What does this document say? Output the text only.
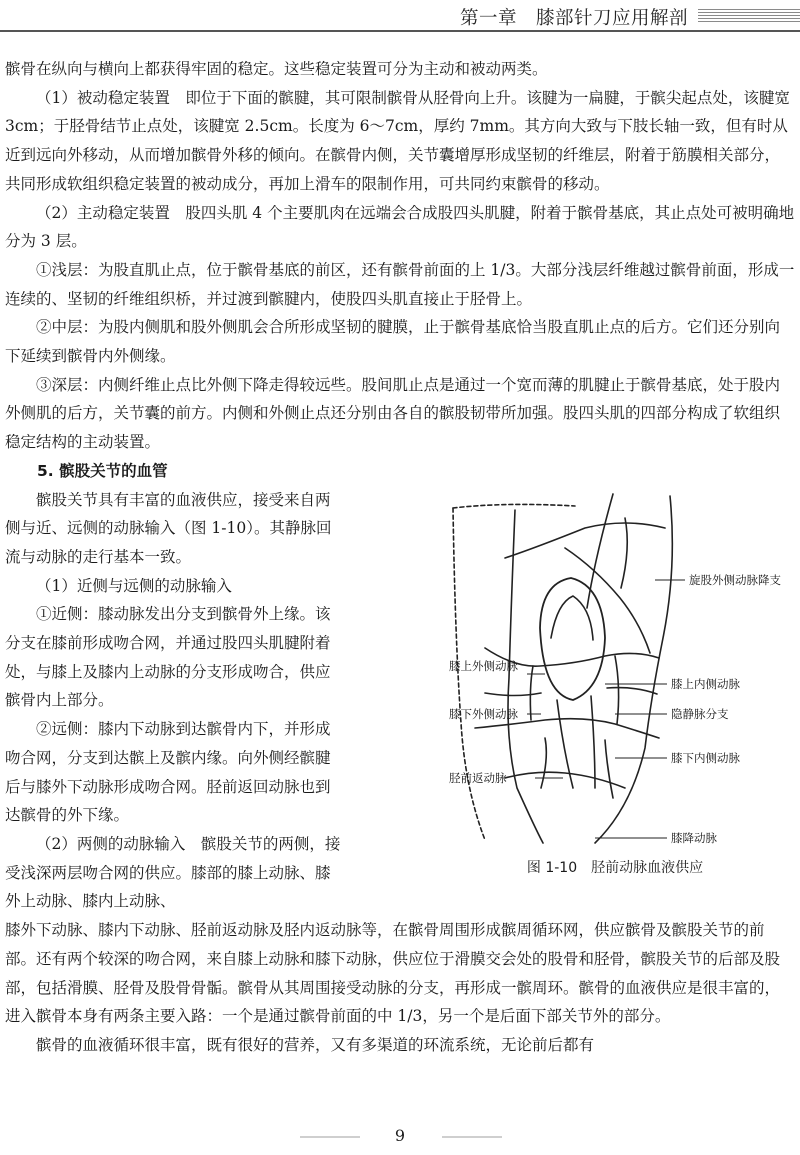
第一章　膝部针刀应用解剖

髌骨在纵向与横向上都获得牢固的稳定。这些稳定装置可分为主动和被动两类。

（1）被动稳定装置　即位于下面的髌腱，其可限制髌骨从胫骨向上升。该腱为一扁腱，于髌尖起点处，该腱宽 3cm；于胫骨结节止点处，该腱宽 2.5cm。长度为 6～7cm，厚约 7mm。其方向大致与下肢长轴一致，但有时从近到远向外移动，从而增加髌骨外移的倾向。在髌骨内侧，关节囊增厚形成坚韧的纤维层，附着于筋膜相关部分，共同形成软组织稳定装置的被动成分，再加上滑车的限制作用，可共同约束髌骨的移动。

（2）主动稳定装置　股四头肌 4 个主要肌肉在远端会合成股四头肌腱，附着于髌骨基底，其止点处可被明确地分为 3 层。

①浅层：为股直肌止点，位于髌骨基底的前区，还有髌骨前面的上 1/3。大部分浅层纤维越过髌骨前面，形成一连续的、坚韧的纤维组织桥，并过渡到髌腱内，使股四头肌直接止于胫骨上。

②中层：为股内侧肌和股外侧肌会合所形成坚韧的腱膜，止于髌骨基底恰当股直肌止点的后方。它们还分别向下延续到髌骨内外侧缘。

③深层：内侧纤维止点比外侧下降走得较远些。股间肌止点是通过一个宽而薄的肌腱止于髌骨基底，处于股内外侧肌的后方，关节囊的前方。内侧和外侧止点还分别由各自的髌股韧带所加强。股四头肌的四部分构成了软组织稳定结构的主动装置。

5. 髌股关节的血管

髌股关节具有丰富的血液供应，接受来自两侧与近、远侧的动脉输入（图 1-10）。其静脉回流与动脉的走行基本一致。

（1）近侧与远侧的动脉输入

①近侧：膝动脉发出分支到髌骨外上缘。该分支在膝前形成吻合网，并通过股四头肌腱附着处，与膝上及膝内上动脉的分支形成吻合，供应髌骨内上部分。

②远侧：膝内下动脉到达髌骨内下，并形成吻合网，分支到达髌上及髌内缘。向外侧经髌腱后与膝外下动脉形成吻合网。胫前返回动脉也到达髌骨的外下缘。

（2）两侧的动脉输入　髌股关节的两侧，接受浅深两层吻合网的供应。膝部的膝上动脉、膝外上动脉、膝内上动脉、

旋股外侧动脉降支
膝上外侧动脉
膝上内侧动脉
膝下外侧动脉	隐静脉分支
膝下内侧动脉
胫前返动脉
膝降动脉
图 1-10　胫前动脉血液供应

膝外下动脉、膝内下动脉、胫前返动脉及胫内返动脉等，在髌骨周围形成髌周循环网，供应髌骨及髌股关节的前部。还有两个较深的吻合网，来自膝上动脉和膝下动脉，供应位于滑膜交会处的股骨和胫骨，髌股关节的后部及股部，包括滑膜、胫骨及股骨骨骺。髌骨从其周围接受动脉的分支，再形成一髌周环。髌骨的血液供应是很丰富的，进入髌骨本身有两条主要入路：一个是通过髌骨前面的中 1/3，另一个是后面下部关节外的部分。

髌骨的血液循环很丰富，既有很好的营养，又有多渠道的环流系统，无论前后都有

9
